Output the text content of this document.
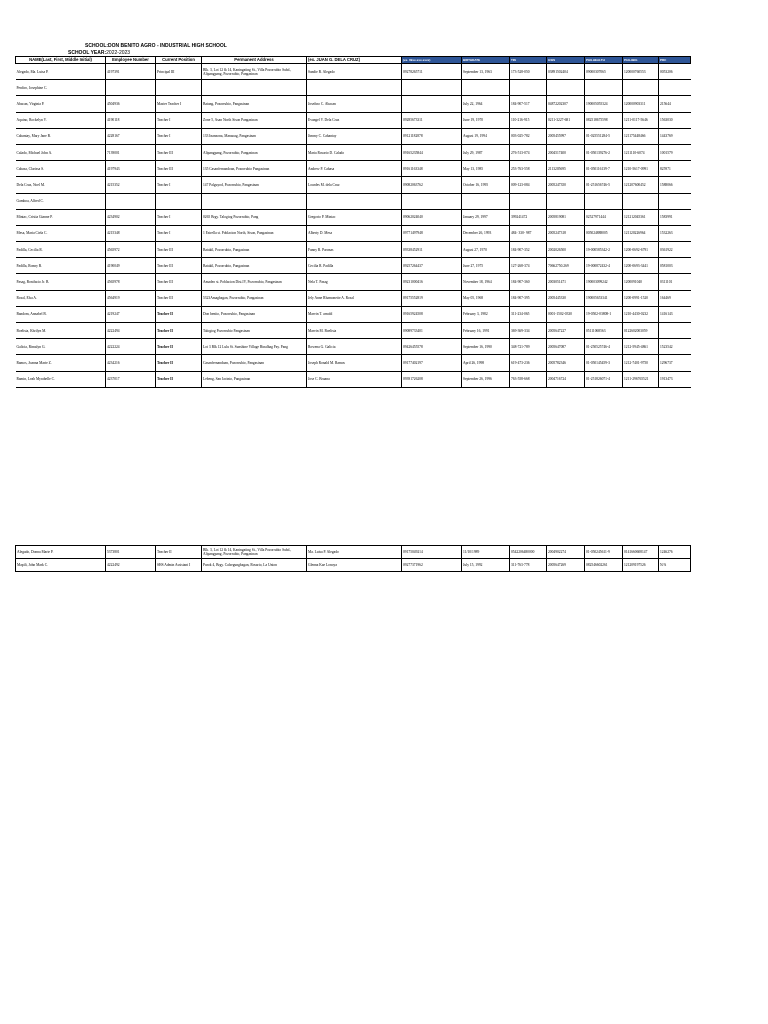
SCHOOL:DON BENITO AGRO - INDUSTRIAL HIGH SCHOOL
SCHOOL YEAR:2022-2023
NAME(Last, First, Middle Initial)	Employee Number	Current Position	Permanent Address	(ex. JUAN G. DELA CRUZ)	(ex. 09xx-xxx-xxxx)	BIRTHDATE	TIN	GSIS	PHILHEALTH	PAG-IBIG	PRC
Alegado, Ma. Luisa P.	4197391	Principal III	Blk. 3, Lot 12 & 14, Kaningating St., Villa Pozorrubio Subd., Alipangpang, Pozorrubio, Pangasinan	Sandie B. Alegado	09278265711	September 13, 1963	173-528-050	03891502404	09000307065	120000760553	0053206
Penfiro, Josephine C.											
Abacan, Virginia P.	4504936	Master Teacher I	Batang, Pozorrubio, Pangasinan	Josefino C. Abacan		July 22, 1964	184-907-517	04872202307	190005055324	120000903311	215644
Aquino, Rockelyn V.	4190118	Teacher I	Zone 5, Asan North Sison Pangasinan	Evangel V. Dela Cruz	09285673311	June 19, 1970	110-216-915	0211-3227-681	082518675598	1211-0117-5646	1563030
Cabantay, Mary Jane B.	4228167	Teacher I	133 Inanzona, Manaoag, Pangasinan	Jimmy C. Cabantay	09121182878	August 19, 1994	003-025-782	2005455997	01-025551284-5	121175448466	1443769
Calado, Michael John A.	7139001	Teacher III	Alipangpang, Pozorrubio, Pangasinan	Maria Rosario D. Calado	09165235844	July 29, 1987	276-513-074	2004517400	01-050139276-2	1211110-6074	1001579
Cabasa, Clarissa S.	4197943	Teacher III	135 Casanfernandoan, Pozorrubio Pangasinan	Andrew P. Cabasa	09161163348	May 13, 1985	253-763-558	2113205695	01-050116139-7	1210-5617-0991	825971
Dela Cruz, Noel M.	4215352	Teacher I	147 Palguyod, Pozorrubio, Pangasinan	Lourdes M. dela Cruz	09082063762	October 16, 1995	009-123-084	2005247350	01-251656746-5	121207600452	1588066
Gamboa, Alfred C.											
Mintac, Cristia Gianne P.	4234902	Teacher I	0265 Brgy. Talogtog Pozorrubio, Pang	Gregorio P. Mintac	09062024040	January 29, 1997	399241472	2005819081	02527971444	121212045361	1583991
Mesa, Maria Ciela C.	4215348	Teacher I	1 Estrella st. Poblacion North, Sison, Pangasinan	Alberty D. Mesa	09771497948	December 26, 1993	484- 330- 987	2005247318	005024888005	121120226964	1532263
Padilla, Cecilia R.	4565972	Teacher III	Batakil, Pozorrubio, Pangasinan	Fanny R. Paronas	09338452911	August 27, 1970	184-907-352	2002026500	19-000585342-2	1200-0692-6791	0361922
Padilla, Ronny B.	4190049	Teacher III	Batakil, Pozorrubio, Pangasinan	Cecilia R. Padilla	09257264437	June 27, 1975	127-268-374	70662750.269	19-000872432-4	1200-0693-3441	0581003
Pasag, Bonifacio Jr. B.	4565978	Teacher III	Amadeo st. Poblacion Dist.IV, Pozorrubio, Pangasinan	Nela T. Pasag	09231000416	November 18, 1964	184-907-360	2003051471	190003099242	1200091040	0311101
Rosal, Elsa A.	4564919	Teacher III	5323Amagbagan, Pozorrubio, Pangasinan	Jely Anne Rhamonette A. Rosal	09175552819	May 05, 1968	184-907-395	2005445330	190005653341	1200-0991-1520	164469
Bandom, Annabel B.	4219247	Teacher II	Don benito, Pozorrubio, Pangasinan	Marvin T. arnold	09165924508	February 3, 1982	311-234-065	0001-1502-0330	19-0502-03808-1	1210-4430-0232	1416143
Boelista, Khrilyn M.	4222494	Teacher II	Talogtog Pozorrubio Pangasinan	Marvin M. Boelista	09089733401	February 16, 1991	369-369-334	2005647227	05111068563	0122602003059	
Galicia, Rimalyn G.	4222224	Teacher II	Lot 3 Blk 12 Lulu St. Sunshine Village Binalbag Pay. Pang	Rowena G. Galicia	09426455578	September 16, 1990	348-721-789	2005647087	01-250525746-4	1212-5945-4861	1523542
Ramos, Joanna Marie Z.	4234216	Teacher II	Casanfernandoan, Pozorrubio, Pangasinan	Joseph Ronald M. Ramos	09177402197	April 26, 1998	619-473-236	2005782346	01-050145459-3	1212-7401-9750	1296737
Ramin, Leah Myrabelle C.	4237017	Teacher II	Lebeng, San Jacinto, Pangasinan	Jose C. Bruana	09391726208	September 26, 1996	763-558-668	2004716724	01-251826071-4	1211-296765521	1913473
Alegado, Donna Marie P.	5373801	Teacher II	Blk. 3, Lot 12 & 14, Kaningating St., Villa Pozorrubio Subd., Alipangpang, Pozorrubio, Pangasinan	Ma. Luisa P. Alegado	09175049214	11/10/1989	0542206480000	2004902274	01-050245611-9	0141660608147	1246276
Mapili, John Mark C.	4222492	SHS Admin Assistant I	Purok 4, Brgy. Calsegungbagan, Rosario, La Union	Glenna Kae Lonoya	09277371962	July 15, 1992	311-763-778	2005647269	082546602261	121209197526	N/A
